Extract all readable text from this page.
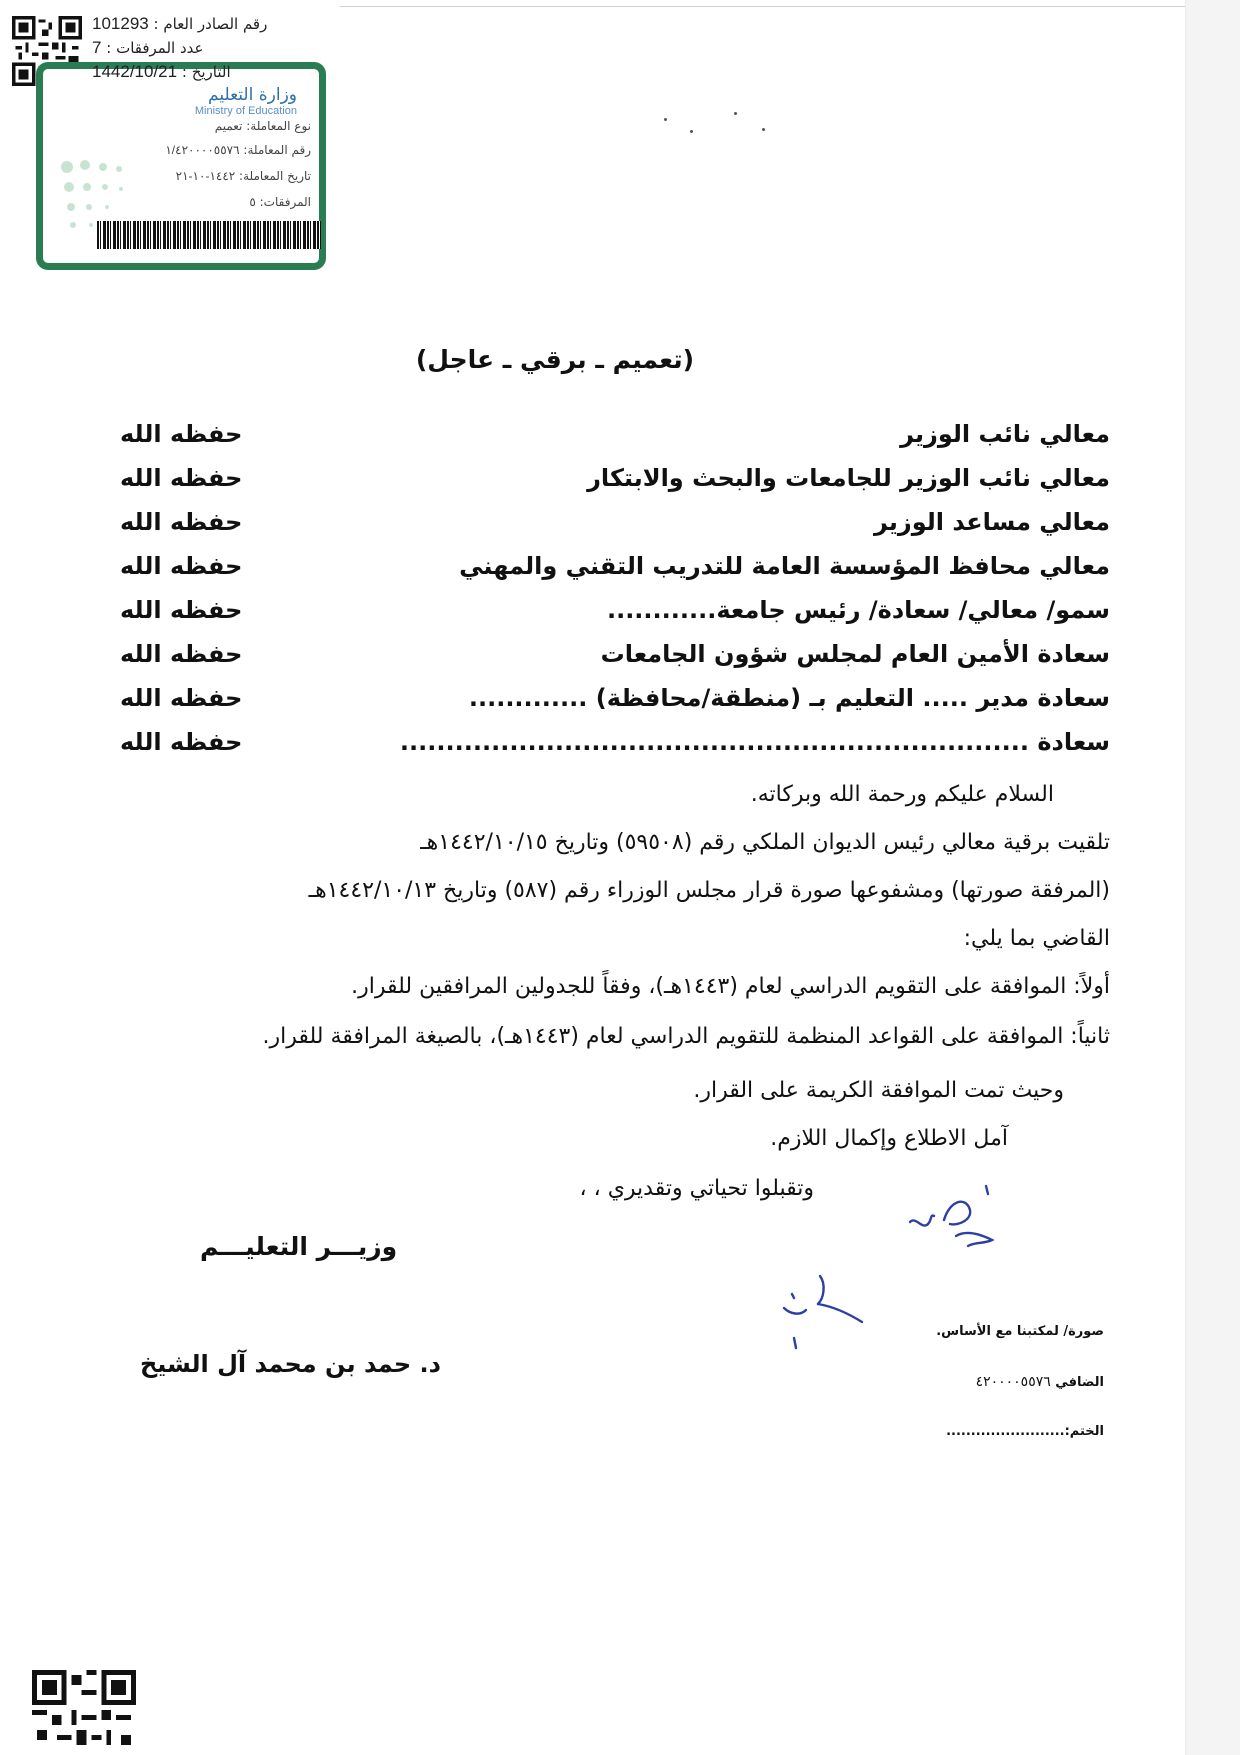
رقم الصادر العام : 101293
عدد المرفقات : 7
التاريخ : 1442/10/21
وزارة التعليم
Ministry of Education
نوع المعاملة: تعميم
رقم المعاملة: ١/٤٢٠٠٠٠٥٥٧٦
تاريخ المعاملة: ١٤٤٢-١٠-٢١
المرفقات: ٥
(تعميم ـ برقي ـ عاجل)
معالي نائب الوزير
حفظه الله
معالي نائب الوزير للجامعات والبحث والابتكار
حفظه الله
معالي مساعد الوزير
حفظه الله
معالي محافظ المؤسسة العامة للتدريب التقني والمهني
حفظه الله
سمو/ معالي/ سعادة/ رئيس جامعة............
حفظه الله
سعادة الأمين العام لمجلس شؤون الجامعات
حفظه الله
سعادة مدير ..... التعليم بـ (منطقة/محافظة) .............
حفظه الله
سعادة .....................................................................
حفظه الله
السلام عليكم ورحمة الله وبركاته.
تلقيت برقية معالي رئيس الديوان الملكي رقم (٥٩٥٠٨) وتاريخ ١٤٤٢/١٠/١٥هـ
(المرفقة صورتها) ومشفوعها صورة قرار مجلس الوزراء رقم (٥٨٧) وتاريخ ١٤٤٢/١٠/١٣هـ
القاضي بما يلي:
أولاً: الموافقة على التقويم الدراسي لعام (١٤٤٣هـ)، وفقاً للجدولين المرافقين للقرار.
ثانياً: الموافقة على القواعد المنظمة للتقويم الدراسي لعام (١٤٤٣هـ)، بالصيغة المرافقة للقرار.
وحيث تمت الموافقة الكريمة على القرار.
آمل الاطلاع وإكمال اللازم.
وتقبلوا تحياتي وتقديري ، ،
وزيـــر التعليـــم
د. حمد بن محمد آل الشيخ
صورة/ لمكتبنا مع الأساس.
الضافي ٤٢٠٠٠٠٥٥٧٦
الختم:........................
